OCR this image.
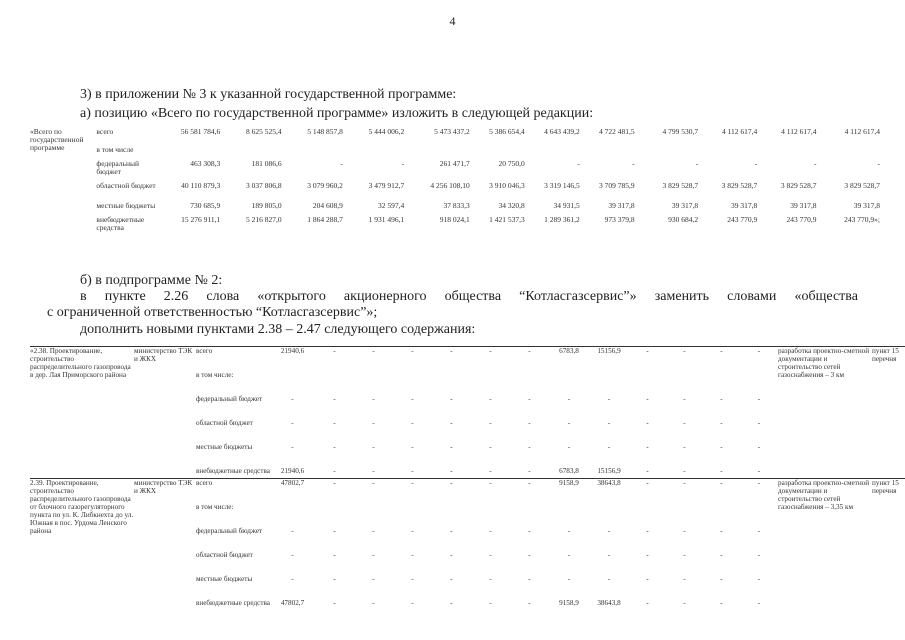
4
3) в приложении № 3 к указанной государственной программе:
а) позицию «Всего по государственной программе» изложить в следующей редакции:
«Всего по государственной программе	всего	56 581 784,6	8 625 525,4	5 148 857,8	5 444 006,2	5 473 437,2	5 386 654,4	4 643 439,2	4 722 481,5	4 799 530,7	4 112 617,4	4 112 617,4	4 112 617,4
	в том числе												
	федеральный бюджет	463 308,3	181 086,6	-	-	261 471,7	20 750,0	-	-	-	-	-	-
	областной бюджет	40 110 879,3	3 037 806,8	3 079 960,2	3 479 912,7	4 256 108,10	3 910 046,3	3 319 146,5	3 709 785,9	3 829 528,7	3 829 528,7	3 829 528,7	3 829 528,7
	местные бюджеты	730 685,9	189 805,0	204 608,9	32 597,4	37 833,3	34 320,8	34 931,5	39 317,8	39 317,8	39 317,8	39 317,8	39 317,8
	внебюджетные средства	15 276 911,1	5 216 827,0	1 864 288,7	1 931 496,1	918 024,1	1 421 537,3	1 289 361,2	973 379,8	930 684,2	243 770,9	243 770,9	243 770,9»;
б) в подпрограмме № 2:
в пункте 2.26 слова «открытого акционерного общества “Котласгазсервис”» заменить словами «общества
с ограниченной ответственностью “Котласгазсервис”»;
дополнить новыми пунктами 2.38 – 2.47 следующего содержания:
«2.38. Проектирование, строительство распределительного газопровода в дер. Лая Приморского района	министерство ТЭК и ЖКХ	всего	21940,6	-	-	-	-	-	-	6783,8	15156,9	-	-	-	-	разработка проектно-сметной документации и строительство сетей газоснабжения – 3 км	пункт 15 перечня
		в том числе:															
		федеральный бюджет	-	-	-	-	-	-	-	-	-	-	-	-	-		
		областной бюджет	-	-	-	-	-	-	-	-	-	-	-	-	-		
		местные бюджеты	-	-	-	-	-	-	-	-	-	-	-	-	-		
		внебюджетные средства	21940,6	-	-	-	-	-	-	6783,8	15156,9	-	-	-	-		
2.39. Проектирование, строительство распределительного газопровода от блочного газорегуляторного пункта по ул. К. Либкнехта до ул. Южная в пос. Урдома Ленского района	министерство ТЭК и ЖКХ	всего	47802,7	-	-	-	-	-	-	9158,9	38643,8	-	-	-	-	разработка проектно-сметной документации и строительство сетей газоснабжения – 3,35 км	пункт 15 перечня
		в том числе:															
		федеральный бюджет	-	-	-	-	-	-	-	-	-	-	-	-	-		
		областной бюджет	-	-	-	-	-	-	-	-	-	-	-	-	-		
		местные бюджеты	-	-	-	-	-	-	-	-	-	-	-	-	-		
		внебюджетные средства	47802,7	-	-	-	-	-	-	9158,9	38643,8	-	-	-	-		
